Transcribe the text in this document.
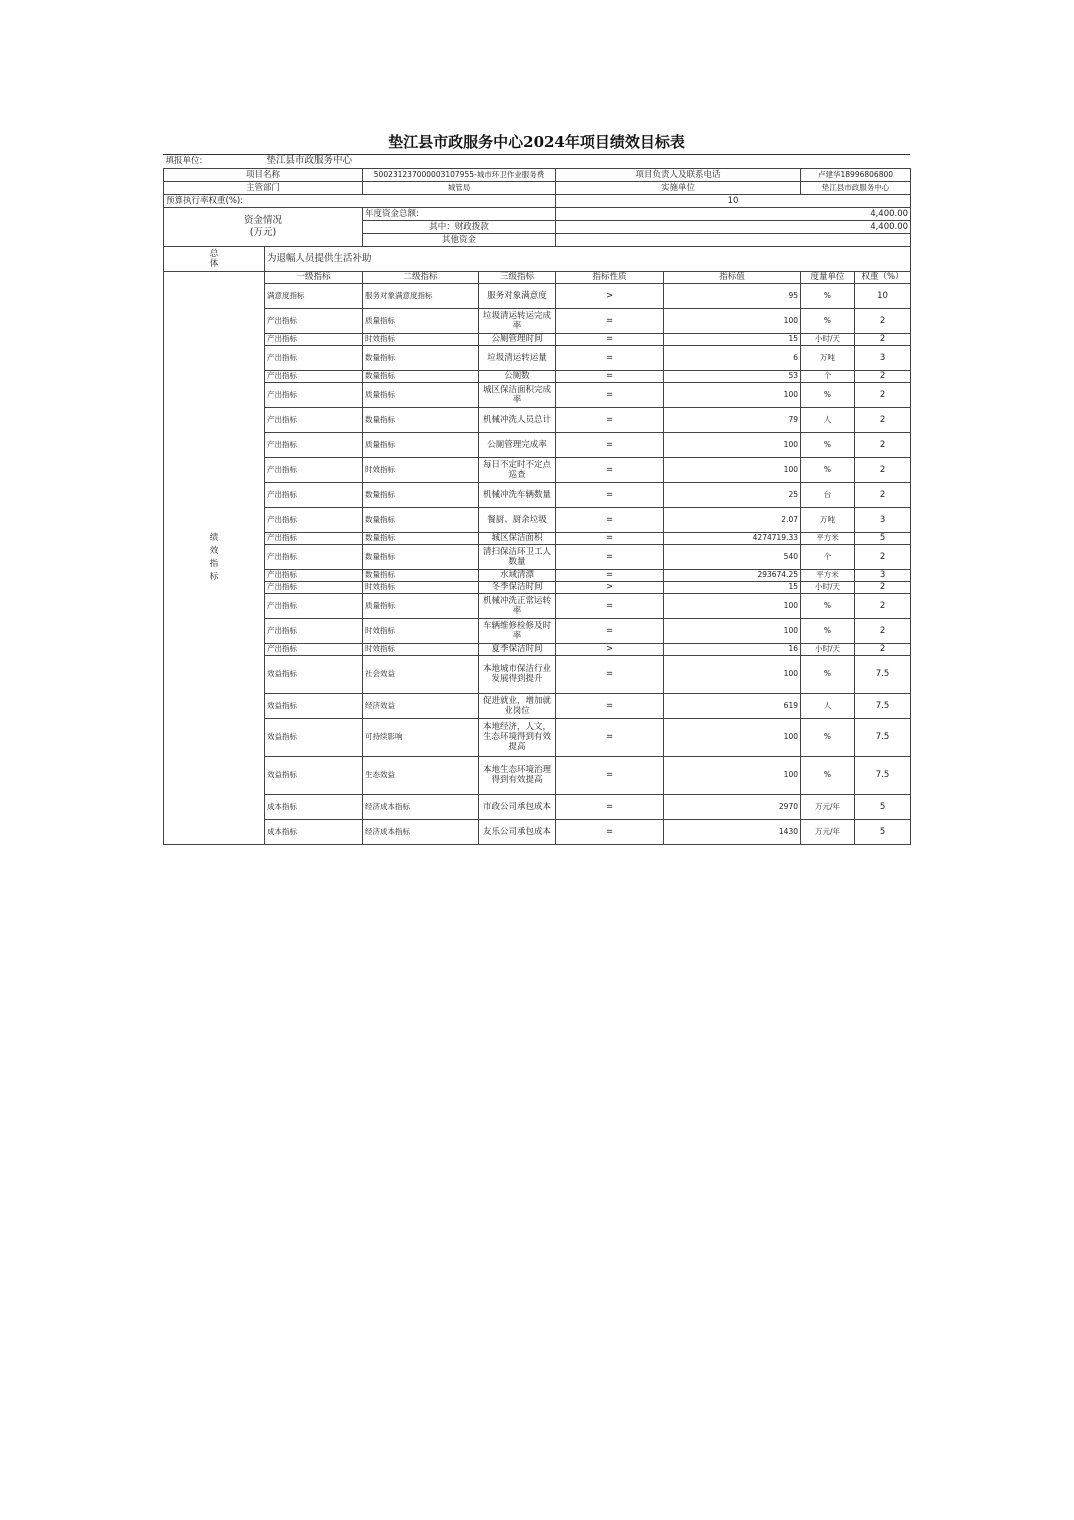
垫江县市政服务中心2024年项目绩效目标表
填报单位:	垫江县市政服务中心						
项目名称		500231237000003107955-城市环卫作业服务费		项目负责人及联系电话		卢建华18996806800	
主管部门		城管局		实施单位		垫江县市政服务中心	
预算执行率权重(%):				10			

资金情况
(万元)		年度资金总额:		4,400.00			
		其中：财政拨款		4,400.00			
		其他资金					

总体	为退幅人员提供生活补助						

绩效指标	一级指标	二级指标	三级指标	指标性质	指标值	度量单位	权重（%）
	满意度指标	服务对象满意度指标	服务对象满意度	>	95	%	10
	产出指标	质量指标	垃圾清运转运完成率	=	100	%	2
	产出指标	时效指标	公厕管理时间	=	15	小时/天	2
	产出指标	数量指标	垃圾清运转运量	=	6	万吨	3
	产出指标	数量指标	公厕数	=	53	个	2
	产出指标	质量指标	城区保洁面积完成率	=	100	%	2
	产出指标	数量指标	机械冲洗人员总计	=	79	人	2
	产出指标	质量指标	公厕管理完成率	=	100	%	2
	产出指标	时效指标	每日不定时不定点巡查	=	100	%	2
	产出指标	数量指标	机械冲洗车辆数量	=	25	台	2
	产出指标	数量指标	餐厨、厨余垃圾	=	2.07	万吨	3
	产出指标	数量指标	城区保洁面积	=	4274719.33	平方米	5
	产出指标	数量指标	清扫保洁环卫工人数量	=	540	个	2
	产出指标	数量指标	水域清漂	=	293674.25	平方米	3
	产出指标	时效指标	冬季保洁时间	>	15	小时/天	2
	产出指标	质量指标	机械冲洗正常运转率	=	100	%	2
	产出指标	时效指标	车辆维修检修及时率	=	100	%	2
	产出指标	时效指标	夏季保洁时间	>	16	小时/天	2
	效益指标	社会效益	本地城市保洁行业发展得到提升	=	100	%	7.5
	效益指标	经济效益	促进就业，增加就业岗位	=	619	人	7.5
	效益指标	可持续影响	本地经济，人文，生态环境得到有效提高	=	100	%	7.5
	效益指标	生态效益	本地生态环境治理得到有效提高	=	100	%	7.5
	成本指标	经济成本指标	市政公司承包成本	=	2970	万元/年	5
	成本指标	经济成本指标	友乐公司承包成本	=	1430	万元/年	5
